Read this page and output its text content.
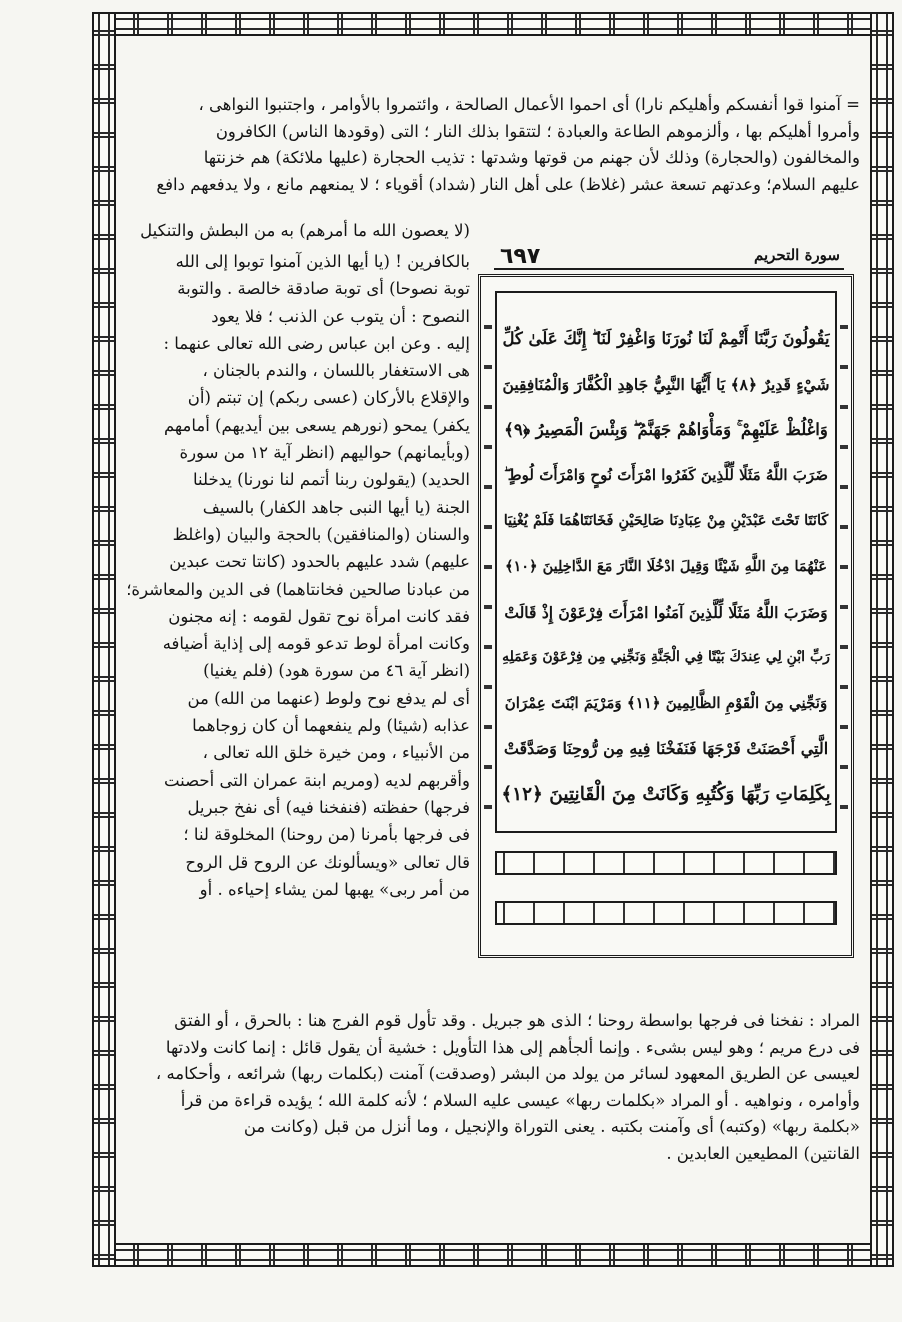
= آمنوا قوا أنفسكم وأهليكم نارا) أى احموا الأعمال الصالحة ، وائتمروا بالأوامر ، واجتنبوا النواهى ،
وأمروا أهليكم بها ، وألزموهم الطاعة والعبادة ؛ لتتقوا بذلك النار ؛ التى (وقودها الناس) الكافرون
والمخالفون (والحجارة) وذلك لأن جهنم من قوتها وشدتها : تذيب الحجارة (عليها ملائكة) هم خزنتها
عليهم السلام؛ وعدتهم تسعة عشر (غلاظ) على أهل النار (شداد) أقوياء ؛ لا يمنعهم مانع ، ولا يدفعهم دافع
(لا يعصون الله ما أمرهم) به من البطش والتنكيل
بالكافرين ! (يا أيها الذين آمنوا توبوا إلى الله
توبة نصوحا) أى توبة صادقة خالصة . والتوبة
النصوح : أن يتوب عن الذنب ؛ فلا يعود
إليه . وعن ابن عباس رضى الله تعالى عنهما :
هى الاستغفار باللسان ، والندم بالجنان ،
والإقلاع بالأركان (عسى ربكم) إن تبتم (أن
يكفر) يمحو (نورهم يسعى بين أيديهم) أمامهم
(وبأيمانهم) حواليهم (انظر آية ١٢ من سورة
الحديد) (يقولون ربنا أتمم لنا نورنا) يدخلنا
الجنة (يا أيها النبى جاهد الكفار) بالسيف
والسنان (والمنافقين) بالحجة والبيان (واغلظ
عليهم) شدد عليهم بالحدود (كانتا تحت عبدين
من عبادنا صالحين فخانتاهما) فى الدين والمعاشرة؛
فقد كانت امرأة نوح تقول لقومه : إنه مجنون
وكانت امرأة لوط تدعو قومه إلى إذاية أضيافه
(انظر آية ٤٦ من سورة هود) (فلم يغنيا)
أى لم يدفع نوح ولوط (عنهما من الله) من
عذابه (شيئا) ولم ينفعهما أن كان زوجاهما
من الأنبياء ، ومن خيرة خلق الله تعالى ،
وأقربهم لديه (ومريم ابنة عمران التى أحصنت
فرجها) حفظته (فنفخنا فيه) أى نفخ جبريل
فى فرجها بأمرنا (من روحنا) المخلوقة لنا ؛
قال تعالى «ويسألونك عن الروح قل الروح
من أمر ربى» يهبها لمن يشاء إحياءه . أو
٦٩٧	سورة التحريم
يَقُولُونَ رَبَّنَا أَتْمِمْ لَنَا نُورَنَا وَاغْفِرْ لَنَا ۖ إِنَّكَ عَلَىٰ كُلِّ
شَيْءٍ قَدِيرٌ ﴿٨﴾ يَا أَيُّهَا النَّبِيُّ جَاهِدِ الْكُفَّارَ وَالْمُنَافِقِينَ
وَاغْلُظْ عَلَيْهِمْ ۚ وَمَأْوَاهُمْ جَهَنَّمُ ۖ وَبِئْسَ الْمَصِيرُ ﴿٩﴾
ضَرَبَ اللَّهُ مَثَلًا لِّلَّذِينَ كَفَرُوا امْرَأَتَ نُوحٍ وَامْرَأَتَ لُوطٍ ۖ
كَانَتَا تَحْتَ عَبْدَيْنِ مِنْ عِبَادِنَا صَالِحَيْنِ فَخَانَتَاهُمَا فَلَمْ يُغْنِيَا
عَنْهُمَا مِنَ اللَّهِ شَيْئًا وَقِيلَ ادْخُلَا النَّارَ مَعَ الدَّاخِلِينَ ﴿١٠﴾
وَضَرَبَ اللَّهُ مَثَلًا لِّلَّذِينَ آمَنُوا امْرَأَتَ فِرْعَوْنَ إِذْ قَالَتْ
رَبِّ ابْنِ لِي عِندَكَ بَيْتًا فِي الْجَنَّةِ وَنَجِّنِي مِن فِرْعَوْنَ وَعَمَلِهِ
وَنَجِّنِي مِنَ الْقَوْمِ الظَّالِمِينَ ﴿١١﴾ وَمَرْيَمَ ابْنَتَ عِمْرَانَ
الَّتِي أَحْصَنَتْ فَرْجَهَا فَنَفَخْنَا فِيهِ مِن رُّوحِنَا وَصَدَّقَتْ
بِكَلِمَاتِ رَبِّهَا وَكُتُبِهِ وَكَانَتْ مِنَ الْقَانِتِينَ ﴿١٢﴾
المراد : نفخنا فى فرجها بواسطة روحنا ؛ الذى هو جبريل . وقد تأول قوم الفرج هنا : بالحرق ، أو الفتق
فى درع مريم ؛ وهو ليس بشىء . وإنما ألجأهم إلى هذا التأويل : خشية أن يقول قائل : إنما كانت ولادتها
لعيسى عن الطريق المعهود لسائر من يولد من البشر (وصدقت) آمنت (بكلمات ربها) شرائعه ، وأحكامه ،
وأوامره ، ونواهيه . أو المراد «بكلمات ربها» عيسى عليه السلام ؛ لأنه كلمة الله ؛ يؤيده قراءة من قرأ
«بكلمة ربها» (وكتبه) أى وآمنت بكتبه . يعنى التوراة والإنجيل ، وما أنزل من قبل (وكانت من
القانتين) المطيعين العابدين .
